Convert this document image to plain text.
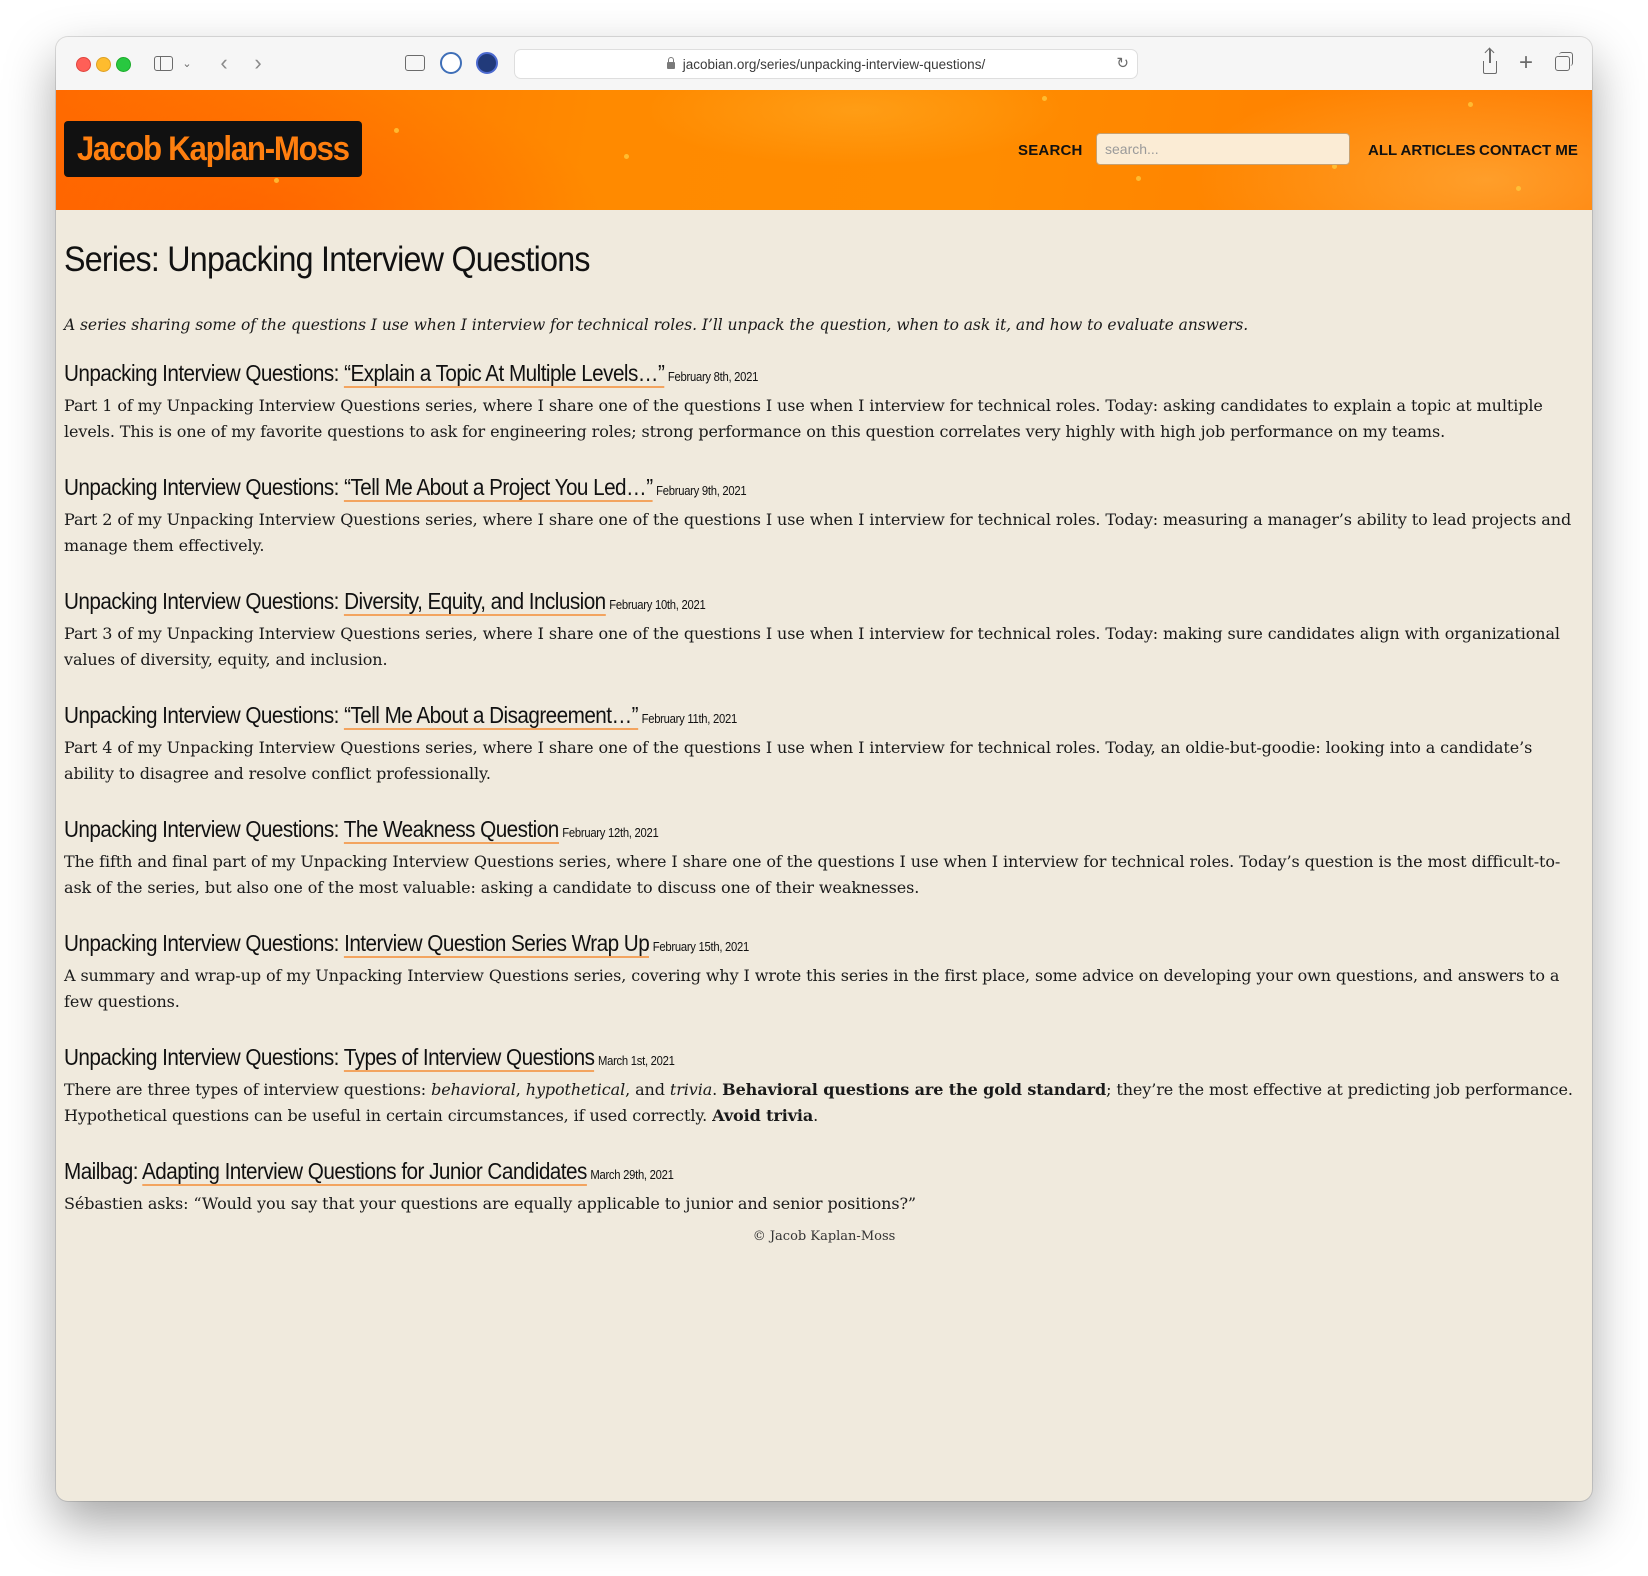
⌄ ‹ ›	jacobian.org/series/unpacking-interview-questions/	↻	+
Jacob Kaplan-Moss	SEARCH
search...	ALL ARTICLES CONTACT ME
Series: Unpacking Interview Questions

A series sharing some of the questions I use when I interview for technical roles. I’ll unpack the question, when to ask it, and how to evaluate answers.

Unpacking Interview Questions: “Explain a Topic At Multiple Levels…” February 8th, 2021

Part 1 of my Unpacking Interview Questions series, where I share one of the questions I use when I interview for technical roles. Today: asking candidates to explain a topic at multiple levels. This is one of my favorite questions to ask for engineering roles; strong performance on this question correlates very highly with high job performance on my teams.

Unpacking Interview Questions: “Tell Me About a Project You Led…” February 9th, 2021

Part 2 of my Unpacking Interview Questions series, where I share one of the questions I use when I interview for technical roles. Today: measuring a manager’s ability to lead projects and manage them effectively.

Unpacking Interview Questions: Diversity, Equity, and Inclusion February 10th, 2021

Part 3 of my Unpacking Interview Questions series, where I share one of the questions I use when I interview for technical roles. Today: making sure candidates align with organizational values of diversity, equity, and inclusion.

Unpacking Interview Questions: “Tell Me About a Disagreement…” February 11th, 2021

Part 4 of my Unpacking Interview Questions series, where I share one of the questions I use when I interview for technical roles. Today, an oldie-but-goodie: looking into a candidate’s ability to disagree and resolve conflict professionally.

Unpacking Interview Questions: The Weakness Question February 12th, 2021

The fifth and final part of my Unpacking Interview Questions series, where I share one of the questions I use when I interview for technical roles. Today’s question is the most difficult-to-ask of the series, but also one of the most valuable: asking a candidate to discuss one of their weaknesses.

Unpacking Interview Questions: Interview Question Series Wrap Up February 15th, 2021

A summary and wrap-up of my Unpacking Interview Questions series, covering why I wrote this series in the first place, some advice on developing your own questions, and answers to a few questions.

Unpacking Interview Questions: Types of Interview Questions March 1st, 2021

There are three types of interview questions: behavioral, hypothetical, and trivia. Behavioral questions are the gold standard; they’re the most effective at predicting job performance. Hypothetical questions can be useful in certain circumstances, if used correctly. Avoid trivia.

Mailbag: Adapting Interview Questions for Junior Candidates March 29th, 2021

Sébastien asks: “Would you say that your questions are equally applicable to junior and senior positions?”

© Jacob Kaplan-Moss
